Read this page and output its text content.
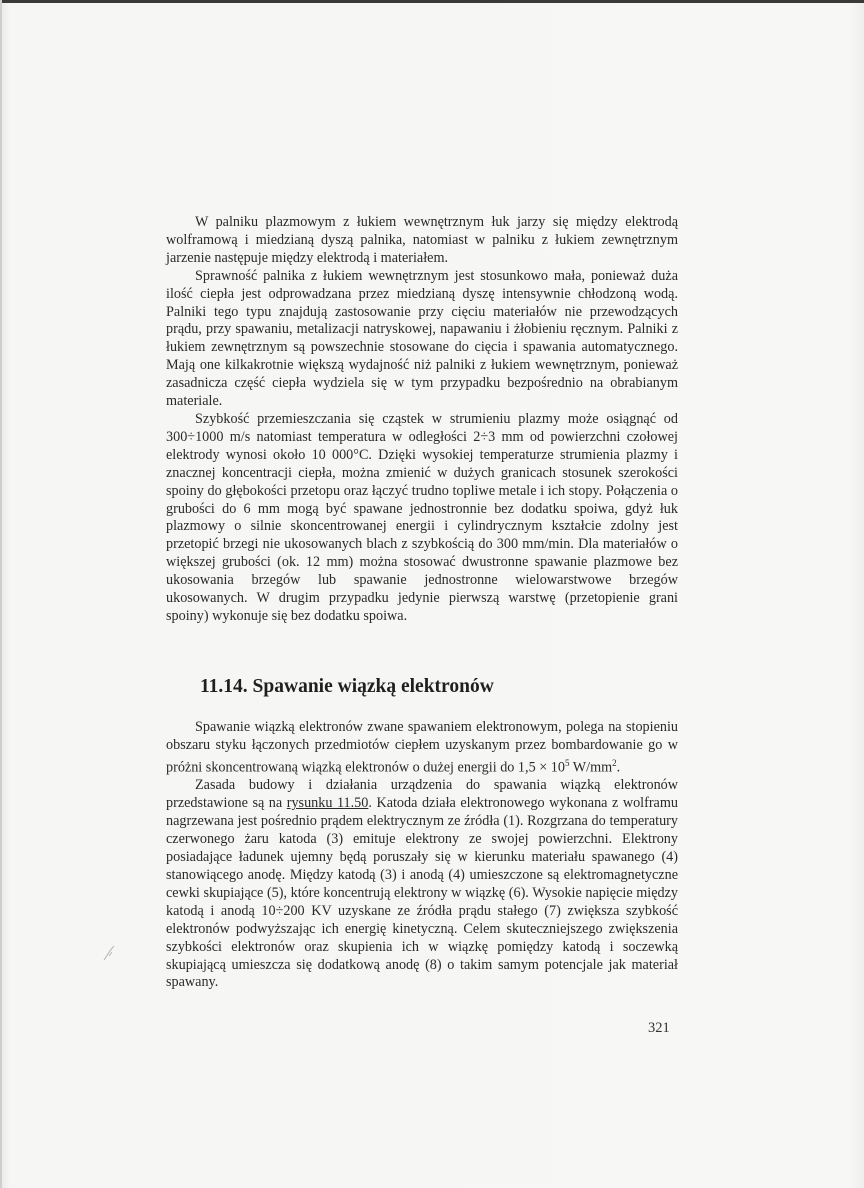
W palniku plazmowym z łukiem wewnętrznym łuk jarzy się między elektrodą wolframową i miedzianą dyszą palnika, natomiast w palniku z łukiem zewnętrznym jarzenie następuje między elektrodą i materiałem.

Sprawność palnika z łukiem wewnętrznym jest stosunkowo mała, ponieważ duża ilość ciepła jest odprowadzana przez miedzianą dyszę intensywnie chłodzoną wodą. Palniki tego typu znajdują zastosowanie przy cięciu materiałów nie przewodzących prądu, przy spawaniu, metalizacji natryskowej, napawaniu i żłobieniu ręcznym. Palniki z łukiem zewnętrznym są powszechnie stosowane do cięcia i spawania automatycznego. Mają one kilkakrotnie większą wydajność niż palniki z łukiem wewnętrznym, ponieważ zasadnicza część ciepła wydziela się w tym przypadku bezpośrednio na obrabianym materiale.

Szybkość przemieszczania się cząstek w strumieniu plazmy może osiągnąć od 300÷1000 m/s natomiast temperatura w odległości 2÷3 mm od powierzchni czołowej elektrody wynosi około 10 000°C. Dzięki wysokiej temperaturze strumienia plazmy i znacznej koncentracji ciepła, można zmienić w dużych granicach stosunek szerokości spoiny do głębokości przetopu oraz łączyć trudno topliwe metale i ich stopy. Połączenia o grubości do 6 mm mogą być spawane jednostronnie bez dodatku spoiwa, gdyż łuk plazmowy o silnie skoncentrowanej energii i cylindrycznym kształcie zdolny jest przetopić brzegi nie ukosowanych blach z szybkością do 300 mm/min. Dla materiałów o większej grubości (ok. 12 mm) można stosować dwustronne spawanie plazmowe bez ukosowania brzegów lub spawanie jednostronne wielowarstwowe brzegów ukosowanych. W drugim przypadku jedynie pierwszą warstwę (przetopienie grani spoiny) wykonuje się bez dodatku spoiwa.

11.14. Spawanie wiązką elektronów

Spawanie wiązką elektronów zwane spawaniem elektronowym, polega na stopieniu obszaru styku łączonych przedmiotów ciepłem uzyskanym przez bombardowanie go w próżni skoncentrowaną wiązką elektronów o dużej energii do $1,5 \times 10^5$ $W/mm^2$.

Zasada budowy i działania urządzenia do spawania wiązką elektronów przedstawione są na rysunku 11.50. Katoda działa elektronowego wykonana z wolframu nagrzewana jest pośrednio prądem elektrycznym ze źródła (1). Rozgrzana do temperatury czerwonego żaru katoda (3) emituje elektrony ze swojej powierzchni. Elektrony posiadające ładunek ujemny będą poruszały się w kierunku materiału spawanego (4) stanowiącego anodę. Między katodą (3) i anodą (4) umieszczone są elektromagnetyczne cewki skupiające (5), które koncentrują elektrony w wiązkę (6). Wysokie napięcie między katodą i anodą 10÷200 KV uzyskane ze źródła prądu stałego (7) zwiększa szybkość elektronów podwyższając ich energię kinetyczną. Celem skuteczniejszego zwiększenia szybkości elektronów oraz skupienia ich w wiązkę pomiędzy katodą i soczewką skupiającą umieszcza się dodatkową anodę (8) o takim samym potencjale jak materiał spawany.

321
